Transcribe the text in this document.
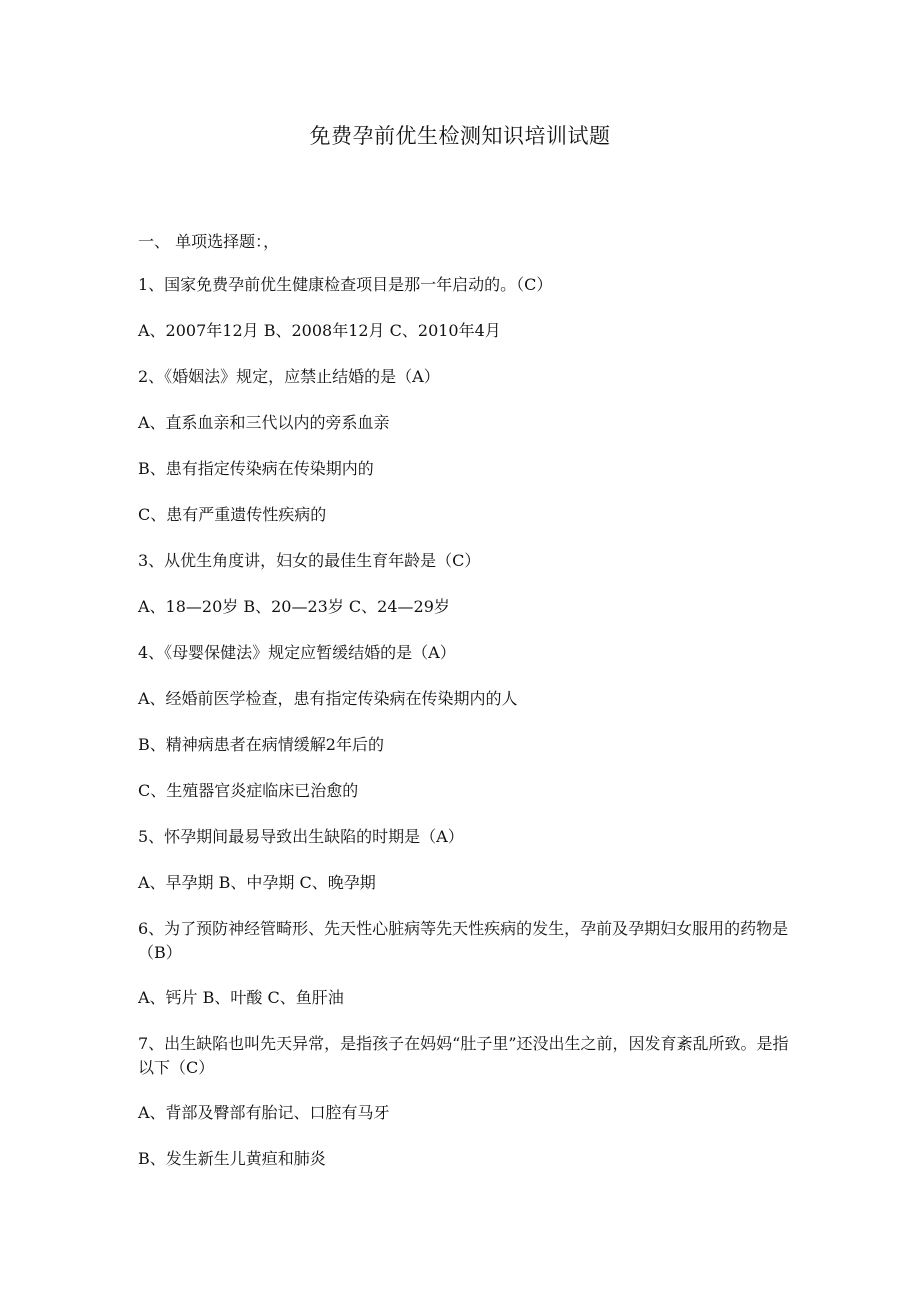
免费孕前优生检测知识培训试题
一、 单项选择题：，
1、国家免费孕前优生健康检查项目是那一年启动的。（C）
A、2007年12月 B、2008年12月 C、2010年4月
2、《婚姻法》规定，应禁止结婚的是（A）
A、直系血亲和三代以内的旁系血亲
B、患有指定传染病在传染期内的
C、患有严重遗传性疾病的
3、从优生角度讲，妇女的最佳生育年龄是（C）
A、18—20岁 B、20—23岁 C、24—29岁
4、《母婴保健法》规定应暂缓结婚的是（A）
A、经婚前医学检查，患有指定传染病在传染期内的人
B、精神病患者在病情缓解2年后的
C、生殖器官炎症临床已治愈的
5、怀孕期间最易导致出生缺陷的时期是（A）
A、早孕期 B、中孕期 C、晚孕期
6、为了预防神经管畸形、先天性心脏病等先天性疾病的发生，孕前及孕期妇女服用的药物是（B）
A、钙片 B、叶酸 C、鱼肝油
7、出生缺陷也叫先天异常，是指孩子在妈妈“肚子里”还没出生之前，因发育紊乱所致。是指以下（C）
A、背部及臀部有胎记、口腔有马牙
B、发生新生儿黄疸和肺炎
